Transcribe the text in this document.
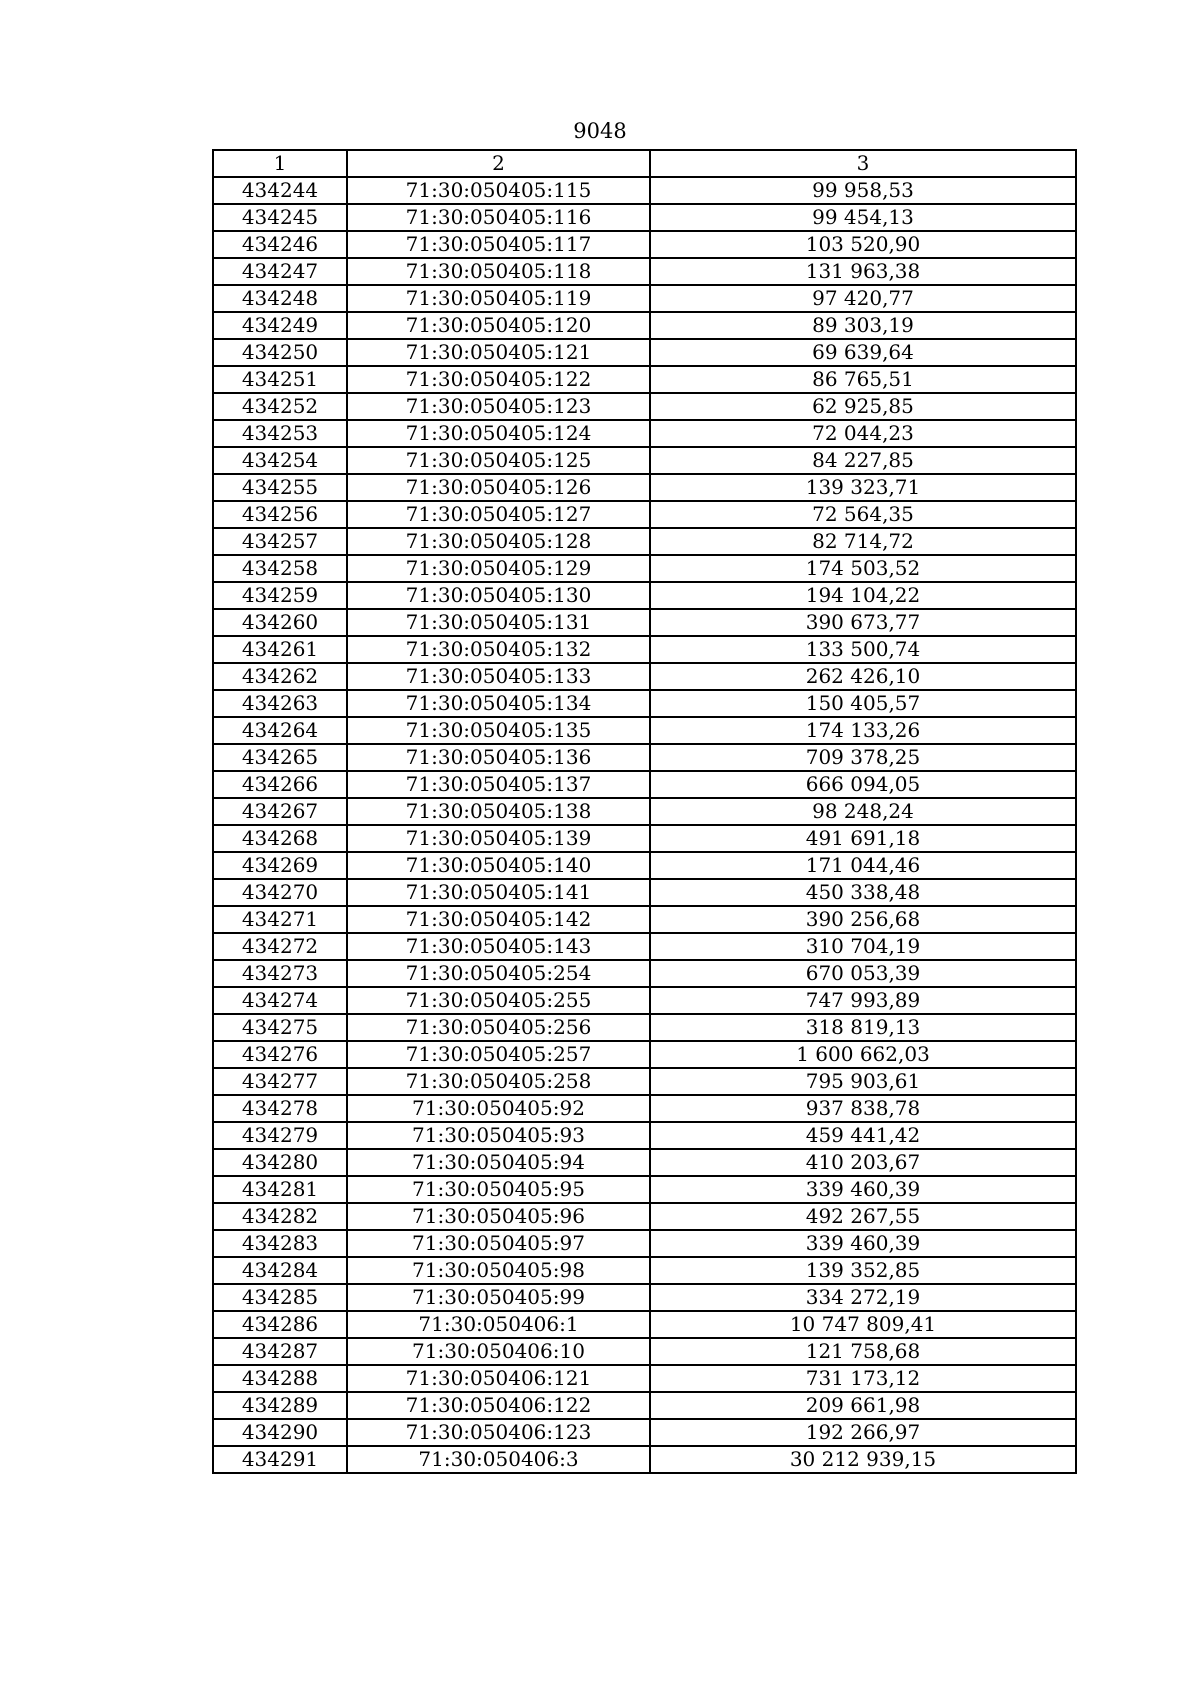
9048
1	2	3
434244	71:30:050405:115	99 958,53
434245	71:30:050405:116	99 454,13
434246	71:30:050405:117	103 520,90
434247	71:30:050405:118	131 963,38
434248	71:30:050405:119	97 420,77
434249	71:30:050405:120	89 303,19
434250	71:30:050405:121	69 639,64
434251	71:30:050405:122	86 765,51
434252	71:30:050405:123	62 925,85
434253	71:30:050405:124	72 044,23
434254	71:30:050405:125	84 227,85
434255	71:30:050405:126	139 323,71
434256	71:30:050405:127	72 564,35
434257	71:30:050405:128	82 714,72
434258	71:30:050405:129	174 503,52
434259	71:30:050405:130	194 104,22
434260	71:30:050405:131	390 673,77
434261	71:30:050405:132	133 500,74
434262	71:30:050405:133	262 426,10
434263	71:30:050405:134	150 405,57
434264	71:30:050405:135	174 133,26
434265	71:30:050405:136	709 378,25
434266	71:30:050405:137	666 094,05
434267	71:30:050405:138	98 248,24
434268	71:30:050405:139	491 691,18
434269	71:30:050405:140	171 044,46
434270	71:30:050405:141	450 338,48
434271	71:30:050405:142	390 256,68
434272	71:30:050405:143	310 704,19
434273	71:30:050405:254	670 053,39
434274	71:30:050405:255	747 993,89
434275	71:30:050405:256	318 819,13
434276	71:30:050405:257	1 600 662,03
434277	71:30:050405:258	795 903,61
434278	71:30:050405:92	937 838,78
434279	71:30:050405:93	459 441,42
434280	71:30:050405:94	410 203,67
434281	71:30:050405:95	339 460,39
434282	71:30:050405:96	492 267,55
434283	71:30:050405:97	339 460,39
434284	71:30:050405:98	139 352,85
434285	71:30:050405:99	334 272,19
434286	71:30:050406:1	10 747 809,41
434287	71:30:050406:10	121 758,68
434288	71:30:050406:121	731 173,12
434289	71:30:050406:122	209 661,98
434290	71:30:050406:123	192 266,97
434291	71:30:050406:3	30 212 939,15
